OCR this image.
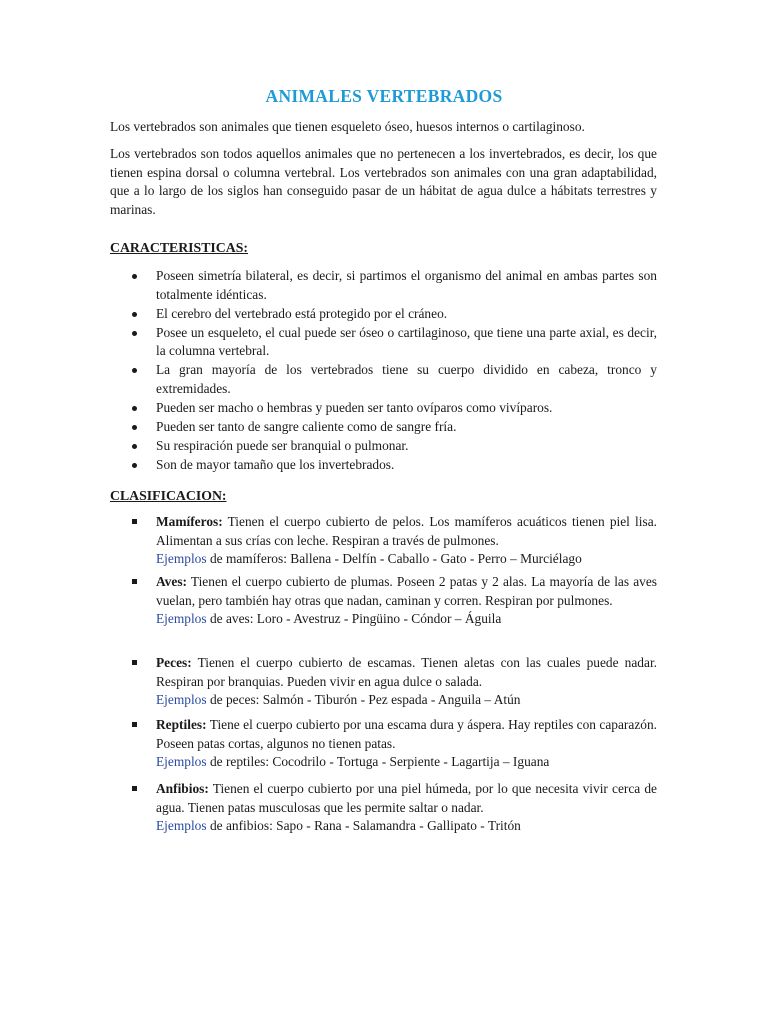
ANIMALES VERTEBRADOS

Los vertebrados son animales que tienen esqueleto óseo, huesos internos o cartilaginoso.

Los vertebrados son todos aquellos animales que no pertenecen a los invertebrados, es decir, los que tienen espina dorsal o columna vertebral. Los vertebrados son animales con una gran adaptabilidad, que a lo largo de los siglos han conseguido pasar de un hábitat de agua dulce a hábitats terrestres y marinas.

CARACTERISTICAS:
Poseen simetría bilateral, es decir, si partimos el organismo del animal en ambas partes son totalmente idénticas.
El cerebro del vertebrado está protegido por el cráneo.
Posee un esqueleto, el cual puede ser óseo o cartilaginoso, que tiene una parte axial, es decir, la columna vertebral.
La gran mayoría de los vertebrados tiene su cuerpo dividido en cabeza, tronco y extremidades.
Pueden ser macho o hembras y pueden ser tanto ovíparos como vivíparos.
Pueden ser tanto de sangre caliente como de sangre fría.
Su respiración puede ser branquial o pulmonar.
Son de mayor tamaño que los invertebrados.
CLASIFICACION:
Mamíferos: Tienen el cuerpo cubierto de pelos. Los mamíferos acuáticos tienen piel lisa. Alimentan a sus crías con leche. Respiran a través de pulmones.
Ejemplos de mamíferos: Ballena - Delfín - Caballo - Gato - Perro – Murciélago
Aves: Tienen el cuerpo cubierto de plumas. Poseen 2 patas y 2 alas. La mayoría de las aves vuelan, pero también hay otras que nadan, caminan y corren. Respiran por pulmones.
Ejemplos de aves: Loro - Avestruz - Pingüino - Cóndor – Águila
Peces: Tienen el cuerpo cubierto de escamas. Tienen aletas con las cuales puede nadar. Respiran por branquias. Pueden vivir en agua dulce o salada.
Ejemplos de peces: Salmón - Tiburón - Pez espada - Anguila – Atún
Reptiles: Tiene el cuerpo cubierto por una escama dura y áspera. Hay reptiles con caparazón. Poseen patas cortas, algunos no tienen patas.
Ejemplos de reptiles: Cocodrilo - Tortuga - Serpiente - Lagartija – Iguana
Anfibios: Tienen el cuerpo cubierto por una piel húmeda, por lo que necesita vivir cerca de agua. Tienen patas musculosas que les permite saltar o nadar.
Ejemplos de anfibios: Sapo - Rana - Salamandra - Gallipato - Tritón
